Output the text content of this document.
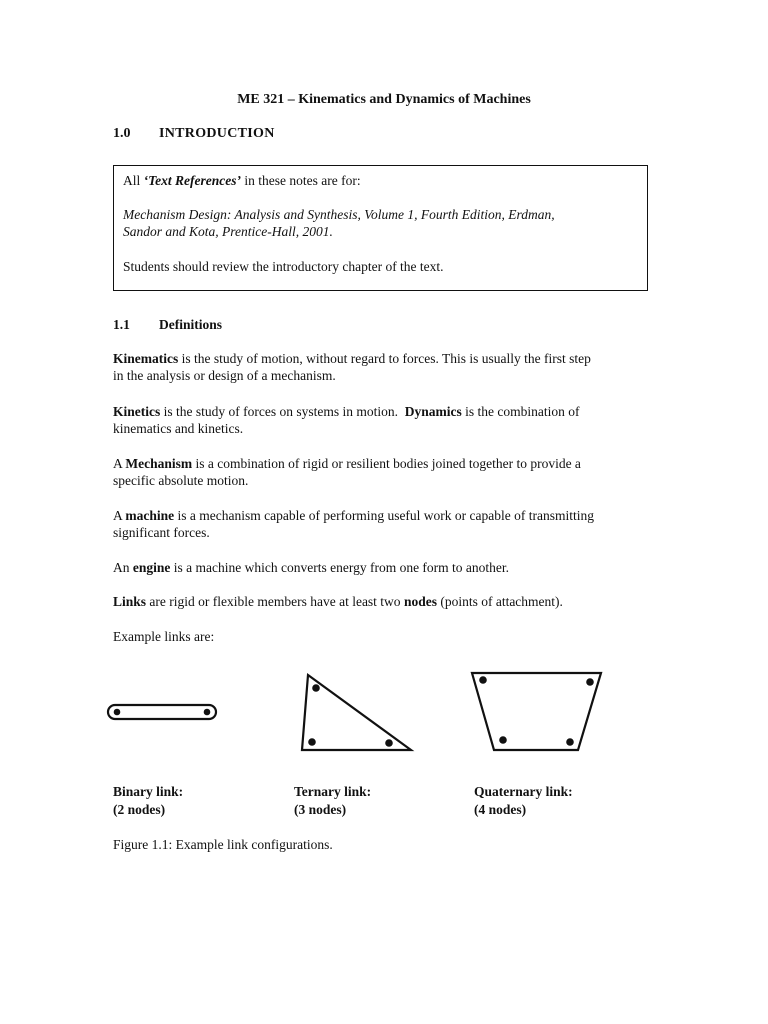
ME 321 – Kinematics and Dynamics of Machines
1.0 INTRODUCTION
All ‘Text References’ in these notes are for:
Mechanism Design: Analysis and Synthesis, Volume 1, Fourth Edition, Erdman,
Sandor and Kota, Prentice-Hall, 2001.
Students should review the introductory chapter of the text.
1.1 Definitions
Kinematics is the study of motion, without regard to forces. This is usually the first step
in the analysis or design of a mechanism.
Kinetics is the study of forces on systems in motion.  Dynamics is the combination of
kinematics and kinetics.
A Mechanism is a combination of rigid or resilient bodies joined together to provide a
specific absolute motion.
A machine is a mechanism capable of performing useful work or capable of transmitting
significant forces.
An engine is a machine which converts energy from one form to another.
Links are rigid or flexible members have at least two nodes (points of attachment).
Example links are:
Binary link:
(2 nodes)
Ternary link:
(3 nodes)
Quaternary link:
(4 nodes)
Figure 1.1: Example link configurations.
